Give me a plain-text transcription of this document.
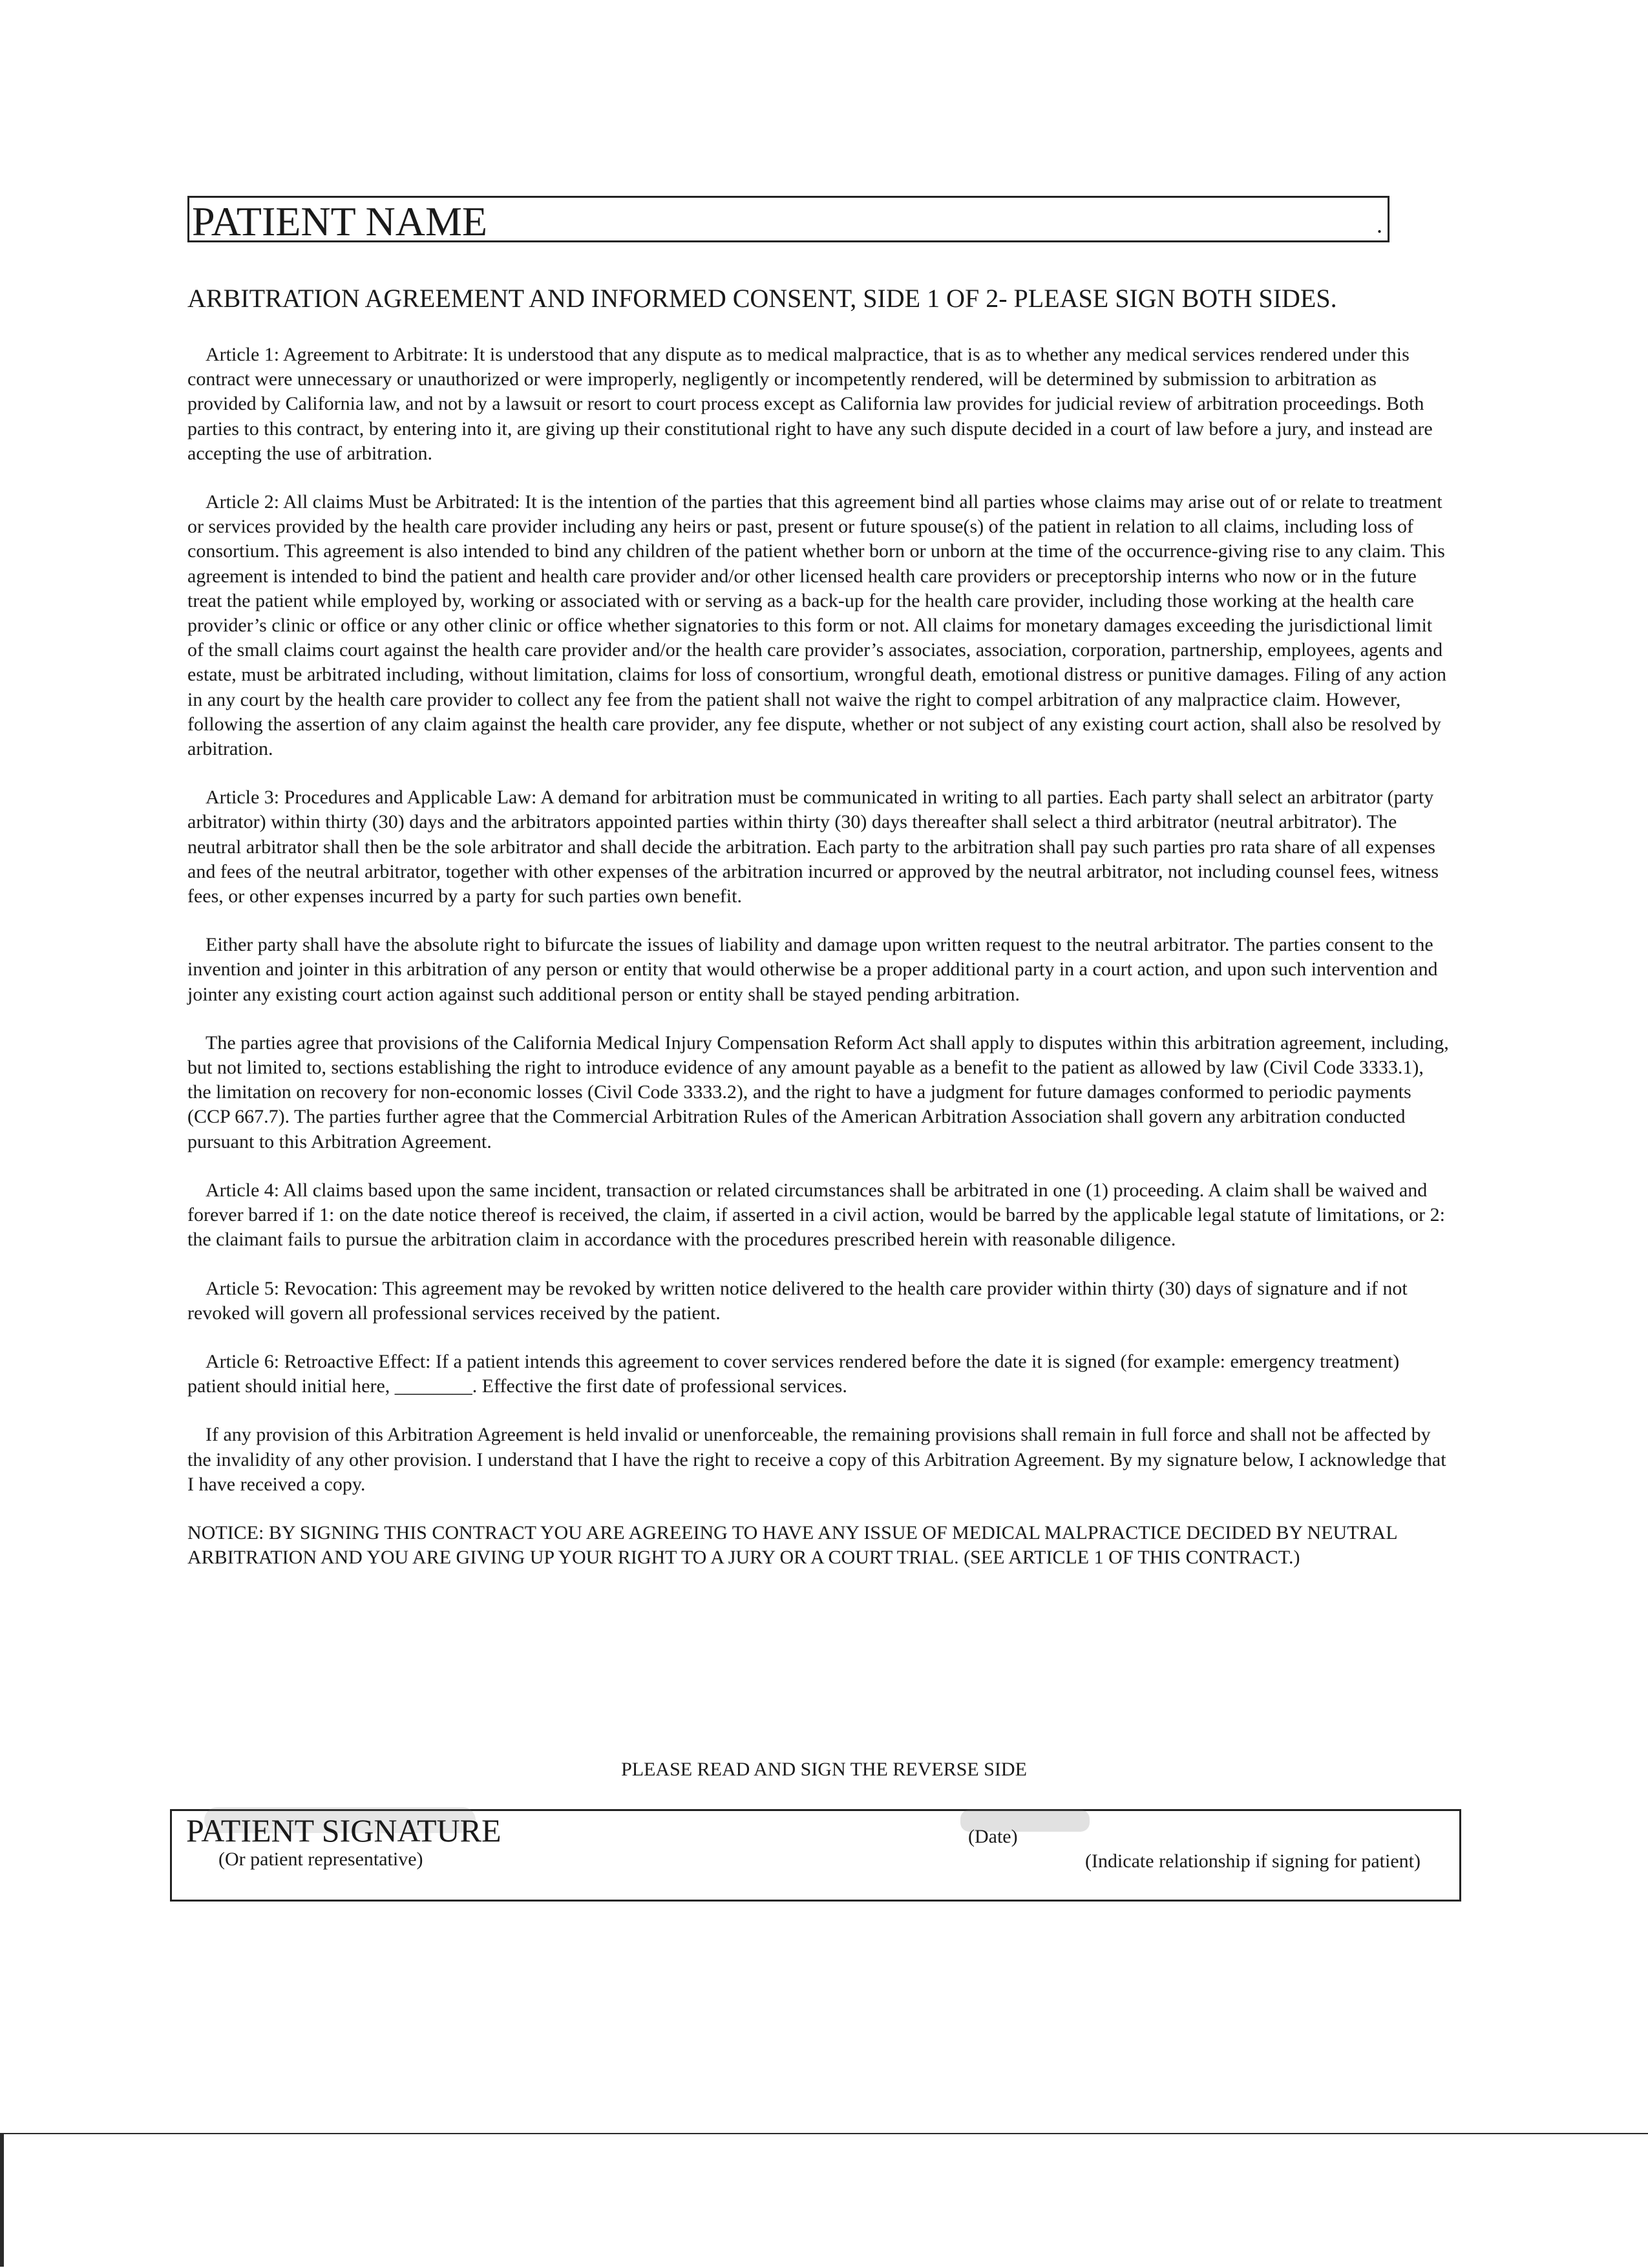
PATIENT NAME	.
ARBITRATION AGREEMENT AND INFORMED CONSENT, SIDE 1 OF 2- PLEASE SIGN BOTH SIDES.

Article 1: Agreement to Arbitrate: It is understood that any dispute as to medical malpractice, that is as to whether any medical services rendered under this contract were unnecessary or unauthorized or were improperly, negligently or incompetently rendered, will be determined by submission to arbitration as provided by California law, and not by a lawsuit or resort to court process except as California law provides for judicial review of arbitration proceedings. Both parties to this contract, by entering into it, are giving up their constitutional right to have any such dispute decided in a court of law before a jury, and instead are accepting the use of arbitration.

Article 2: All claims Must be Arbitrated: It is the intention of the parties that this agreement bind all parties whose claims may arise out of or relate to treatment or services provided by the health care provider including any heirs or past, present or future spouse(s) of the patient in relation to all claims, including loss of consortium. This agreement is also intended to bind any children of the patient whether born or unborn at the time of the occurrence-giving rise to any claim. This agreement is intended to bind the patient and health care provider and/or other licensed health care providers or preceptorship interns who now or in the future treat the patient while employed by, working or associated with or serving as a back-up for the health care provider, including those working at the health care provider’s clinic or office or any other clinic or office whether signatories to this form or not. All claims for monetary damages exceeding the jurisdictional limit of the small claims court against the health care provider and/or the health care provider’s associates, association, corporation, partnership, employees, agents and estate, must be arbitrated including, without limitation, claims for loss of consortium, wrongful death, emotional distress or punitive damages. Filing of any action in any court by the health care provider to collect any fee from the patient shall not waive the right to compel arbitration of any malpractice claim. However, following the assertion of any claim against the health care provider, any fee dispute, whether or not subject of any existing court action, shall also be resolved by arbitration.

Article 3: Procedures and Applicable Law: A demand for arbitration must be communicated in writing to all parties. Each party shall select an arbitrator (party arbitrator) within thirty (30) days and the arbitrators appointed parties within thirty (30) days thereafter shall select a third arbitrator (neutral arbitrator). The neutral arbitrator shall then be the sole arbitrator and shall decide the arbitration. Each party to the arbitration shall pay such parties pro rata share of all expenses and fees of the neutral arbitrator, together with other expenses of the arbitration incurred or approved by the neutral arbitrator, not including counsel fees, witness fees, or other expenses incurred by a party for such parties own benefit.

Either party shall have the absolute right to bifurcate the issues of liability and damage upon written request to the neutral arbitrator. The parties consent to the invention and jointer in this arbitration of any person or entity that would otherwise be a proper additional party in a court action, and upon such intervention and jointer any existing court action against such additional person or entity shall be stayed pending arbitration.

The parties agree that provisions of the California Medical Injury Compensation Reform Act shall apply to disputes within this arbitration agreement, including, but not limited to, sections establishing the right to introduce evidence of any amount payable as a benefit to the patient as allowed by law (Civil Code 3333.1), the limitation on recovery for non-economic losses (Civil Code 3333.2), and the right to have a judgment for future damages conformed to periodic payments (CCP 667.7). The parties further agree that the Commercial Arbitration Rules of the American Arbitration Association shall govern any arbitration conducted pursuant to this Arbitration Agreement.

Article 4: All claims based upon the same incident, transaction or related circumstances shall be arbitrated in one (1) proceeding. A claim shall be waived and forever barred if 1: on the date notice thereof is received, the claim, if asserted in a civil action, would be barred by the applicable legal statute of limitations, or 2: the claimant fails to pursue the arbitration claim in accordance with the procedures prescribed herein with reasonable diligence.

Article 5: Revocation: This agreement may be revoked by written notice delivered to the health care provider within thirty (30) days of signature and if not revoked will govern all professional services received by the patient.

Article 6: Retroactive Effect: If a patient intends this agreement to cover services rendered before the date it is signed (for example: emergency treatment) patient should initial here, ________. Effective the first date of professional services.

If any provision of this Arbitration Agreement is held invalid or unenforceable, the remaining provisions shall remain in full force and shall not be affected by the invalidity of any other provision. I understand that I have the right to receive a copy of this Arbitration Agreement. By my signature below, I acknowledge that I have received a copy.

NOTICE: BY SIGNING THIS CONTRACT YOU ARE AGREEING TO HAVE ANY ISSUE OF MEDICAL MALPRACTICE DECIDED BY NEUTRAL ARBITRATION AND YOU ARE GIVING UP YOUR RIGHT TO A JURY OR A COURT TRIAL. (SEE ARTICLE 1 OF THIS CONTRACT.)

PLEASE READ AND SIGN THE REVERSE SIDE
PATIENT SIGNATURE
(Or patient representative)
(Date)
(Indicate relationship if signing for patient)
